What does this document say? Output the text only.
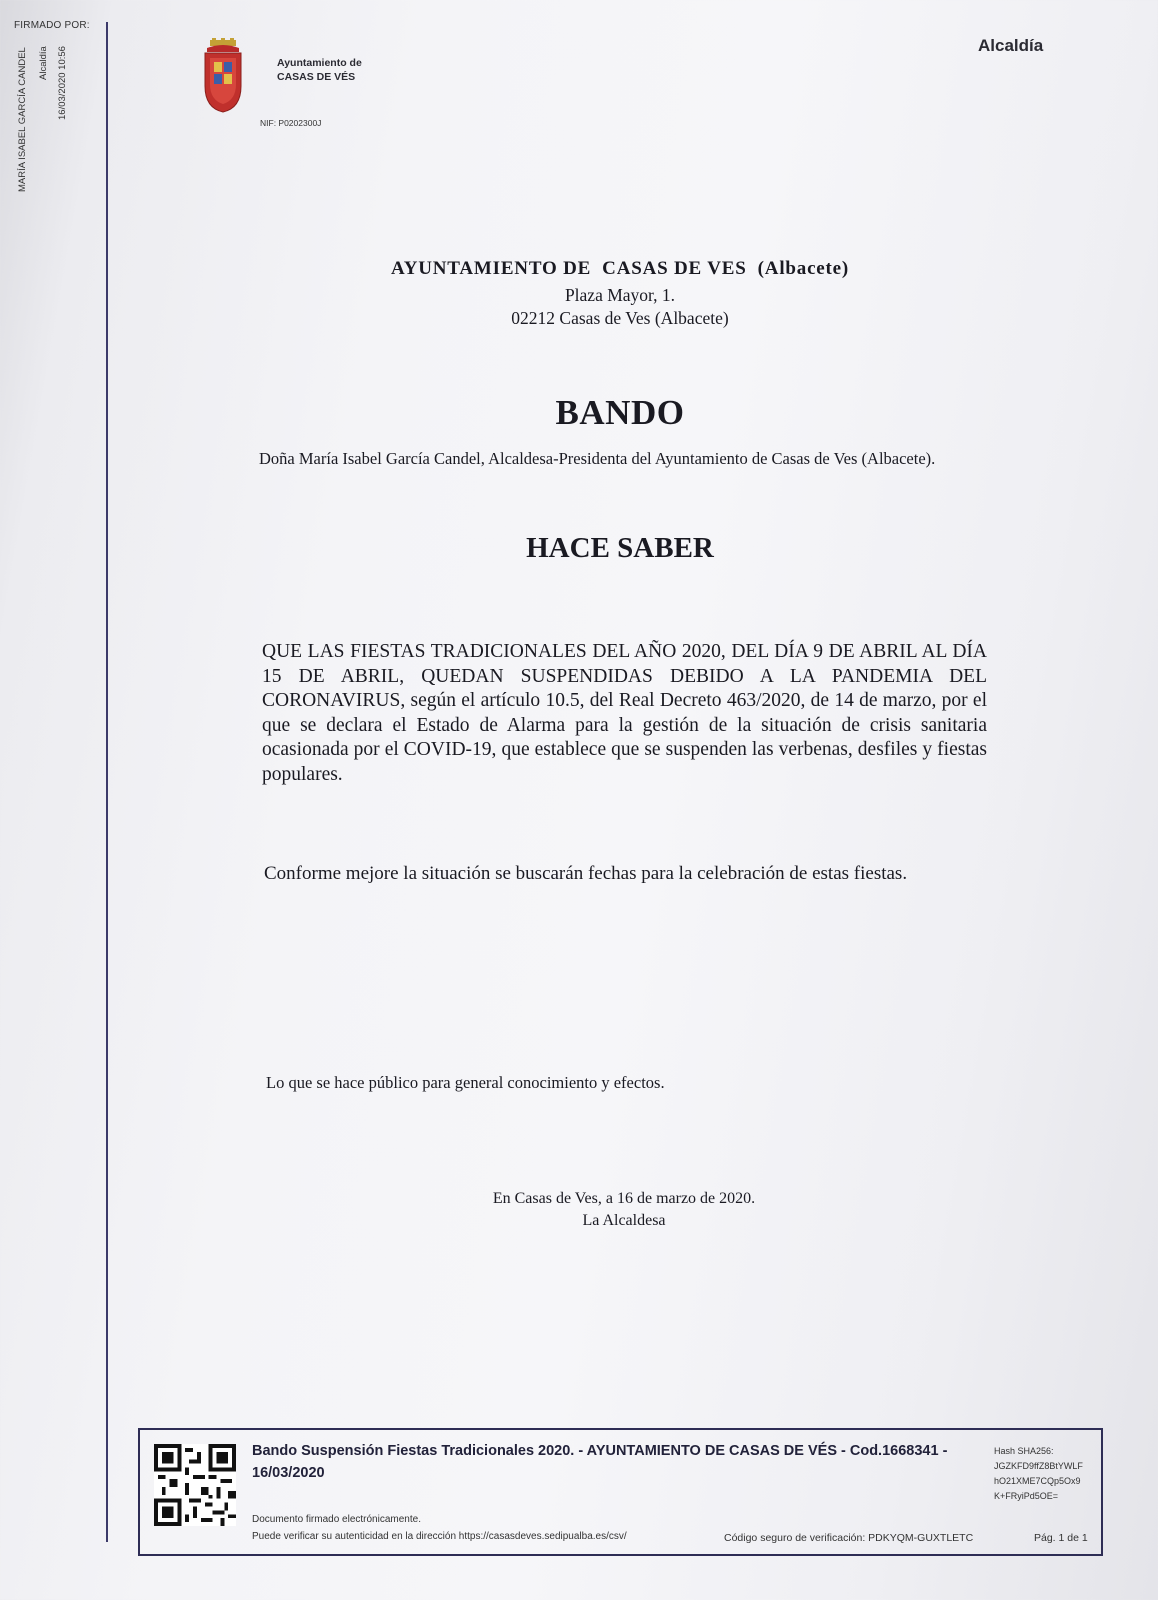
FIRMADO POR:
MARÍA ISABEL GARCÍA CANDEL Alcaldía 16/03/2020 10:56	Ayuntamiento de
CASAS DE VÉS
NIF: P0202300J
Alcaldía
AYUNTAMIENTO DE  CASAS DE VES  (Albacete)
Plaza Mayor, 1.
02212 Casas de Ves (Albacete)
BANDO
Doña María Isabel García Candel, Alcaldesa-Presidenta del Ayuntamiento de Casas de Ves (Albacete).
HACE SABER
QUE LAS FIESTAS TRADICIONALES DEL AÑO 2020, DEL DÍA 9 DE ABRIL AL DÍA 15 DE ABRIL, QUEDAN SUSPENDIDAS DEBIDO A LA PANDEMIA DEL CORONAVIRUS, según el artículo 10.5, del Real Decreto 463/2020, de 14 de marzo, por el que se declara el Estado de Alarma para la gestión de la situación de crisis sanitaria ocasionada por el COVID-19, que establece que se suspenden las verbenas, desfiles y fiestas populares.
Conforme mejore la situación se buscarán fechas para la celebración de estas fiestas.
Lo que se hace público para general conocimiento y efectos.
En Casas de Ves, a 16 de marzo de 2020.
La Alcaldesa
Bando Suspensión Fiestas Tradicionales 2020. - AYUNTAMIENTO DE CASAS DE VÉS - Cod.1668341 - 16/03/2020
Documento firmado electrónicamente.
Puede verificar su autenticidad en la dirección https://casasdeves.sedipualba.es/csv/	Código seguro de verificación: PDKYQM-GUXTLETC	Pág. 1 de 1
Hash SHA256:
JGZKFD9ffZ8BtYWLF
hO21XME7CQp5Ox9
K+FRyiPd5OE=
